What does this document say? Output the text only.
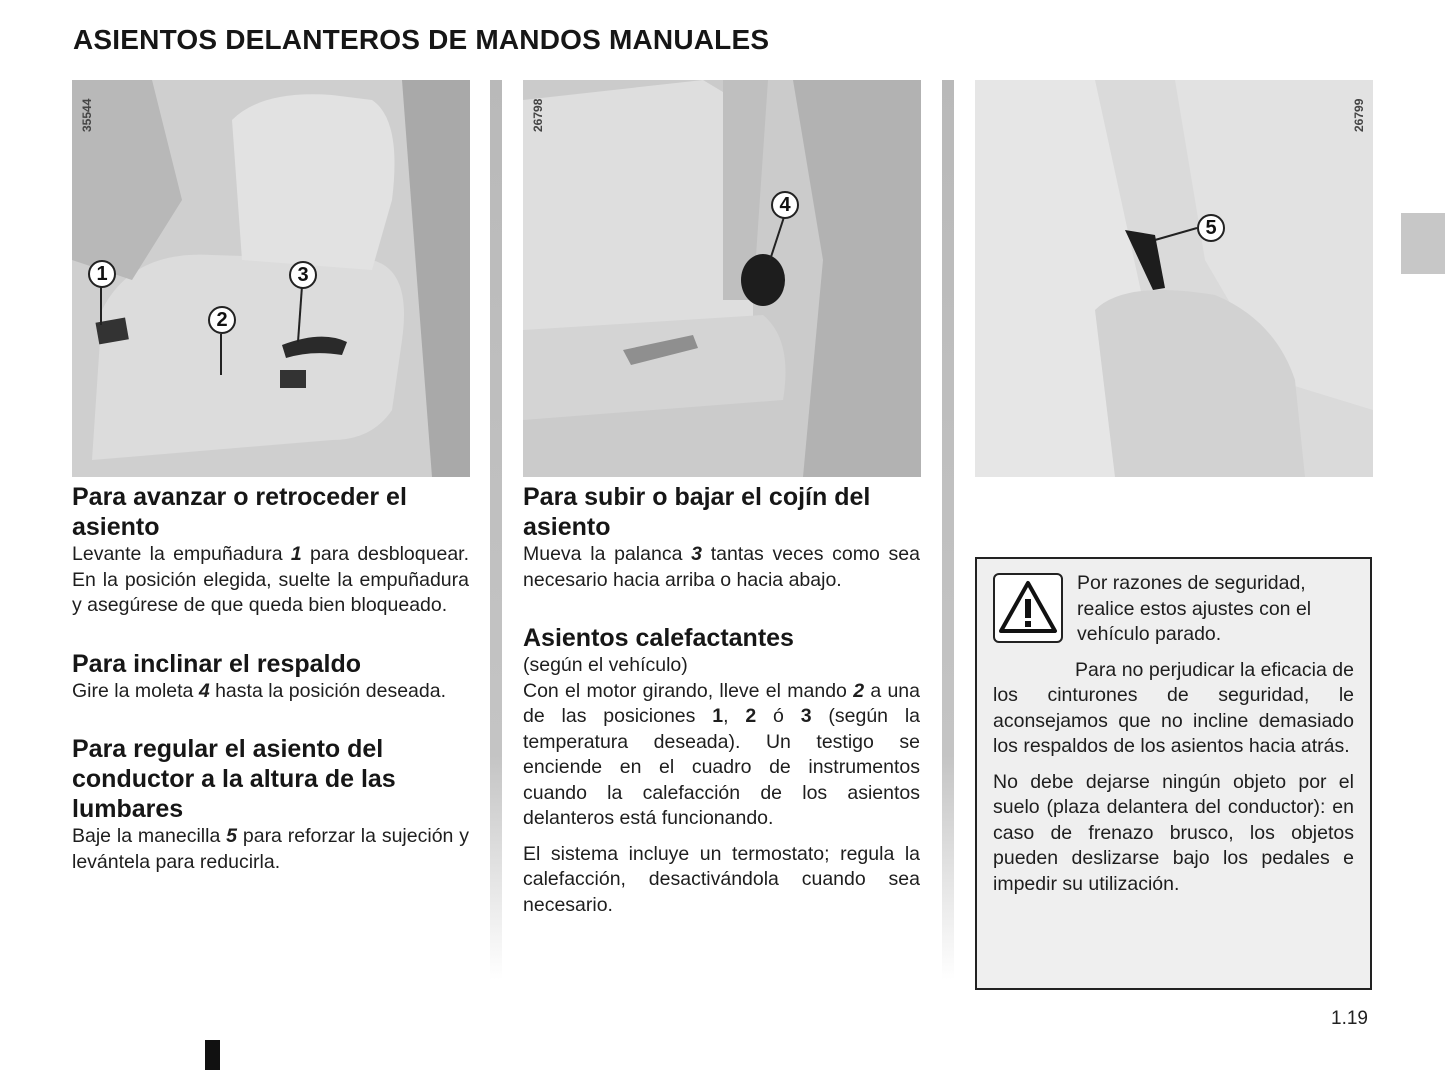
ASIENTOS DELANTEROS DE MANDOS MANUALES
35544
1
2
3
26798
4
26799
5
Para avanzar o retroceder el asiento

Levante la empuñadura 1 para desbloquear. En la posición elegida, suelte la empuñadura y asegúrese de que queda bien bloqueado.

Para inclinar el respaldo

Gire la moleta 4 hasta la posición deseada.

Para regular el asiento del conductor a la altura de las lumbares

Baje la manecilla 5 para reforzar la sujeción y levántela para reducirla.

Para subir o bajar el cojín del asiento

Mueva la palanca 3 tantas veces como sea necesario hacia arriba o hacia abajo.

Asientos calefactantes

(según el vehículo)

Con el motor girando, lleve el mando 2 a una de las posiciones 1, 2 ó 3 (según la temperatura deseada). Un testigo se enciende en el cuadro de instrumentos cuando la calefacción de los asientos delanteros está funcionando.

El sistema incluye un termostato; regula la calefacción, desactivándola cuando sea necesario.

Por razones de seguridad, realice estos ajustes con el vehículo parado.

Para no perjudicar la eficacia de los cinturones de seguridad, le aconsejamos que no incline demasiado los respaldos de los asientos hacia atrás.

No debe dejarse ningún objeto por el suelo (plaza delantera del conductor): en caso de frenazo brusco, los objetos pueden deslizarse bajo los pedales e impedir su utilización.

1.19
